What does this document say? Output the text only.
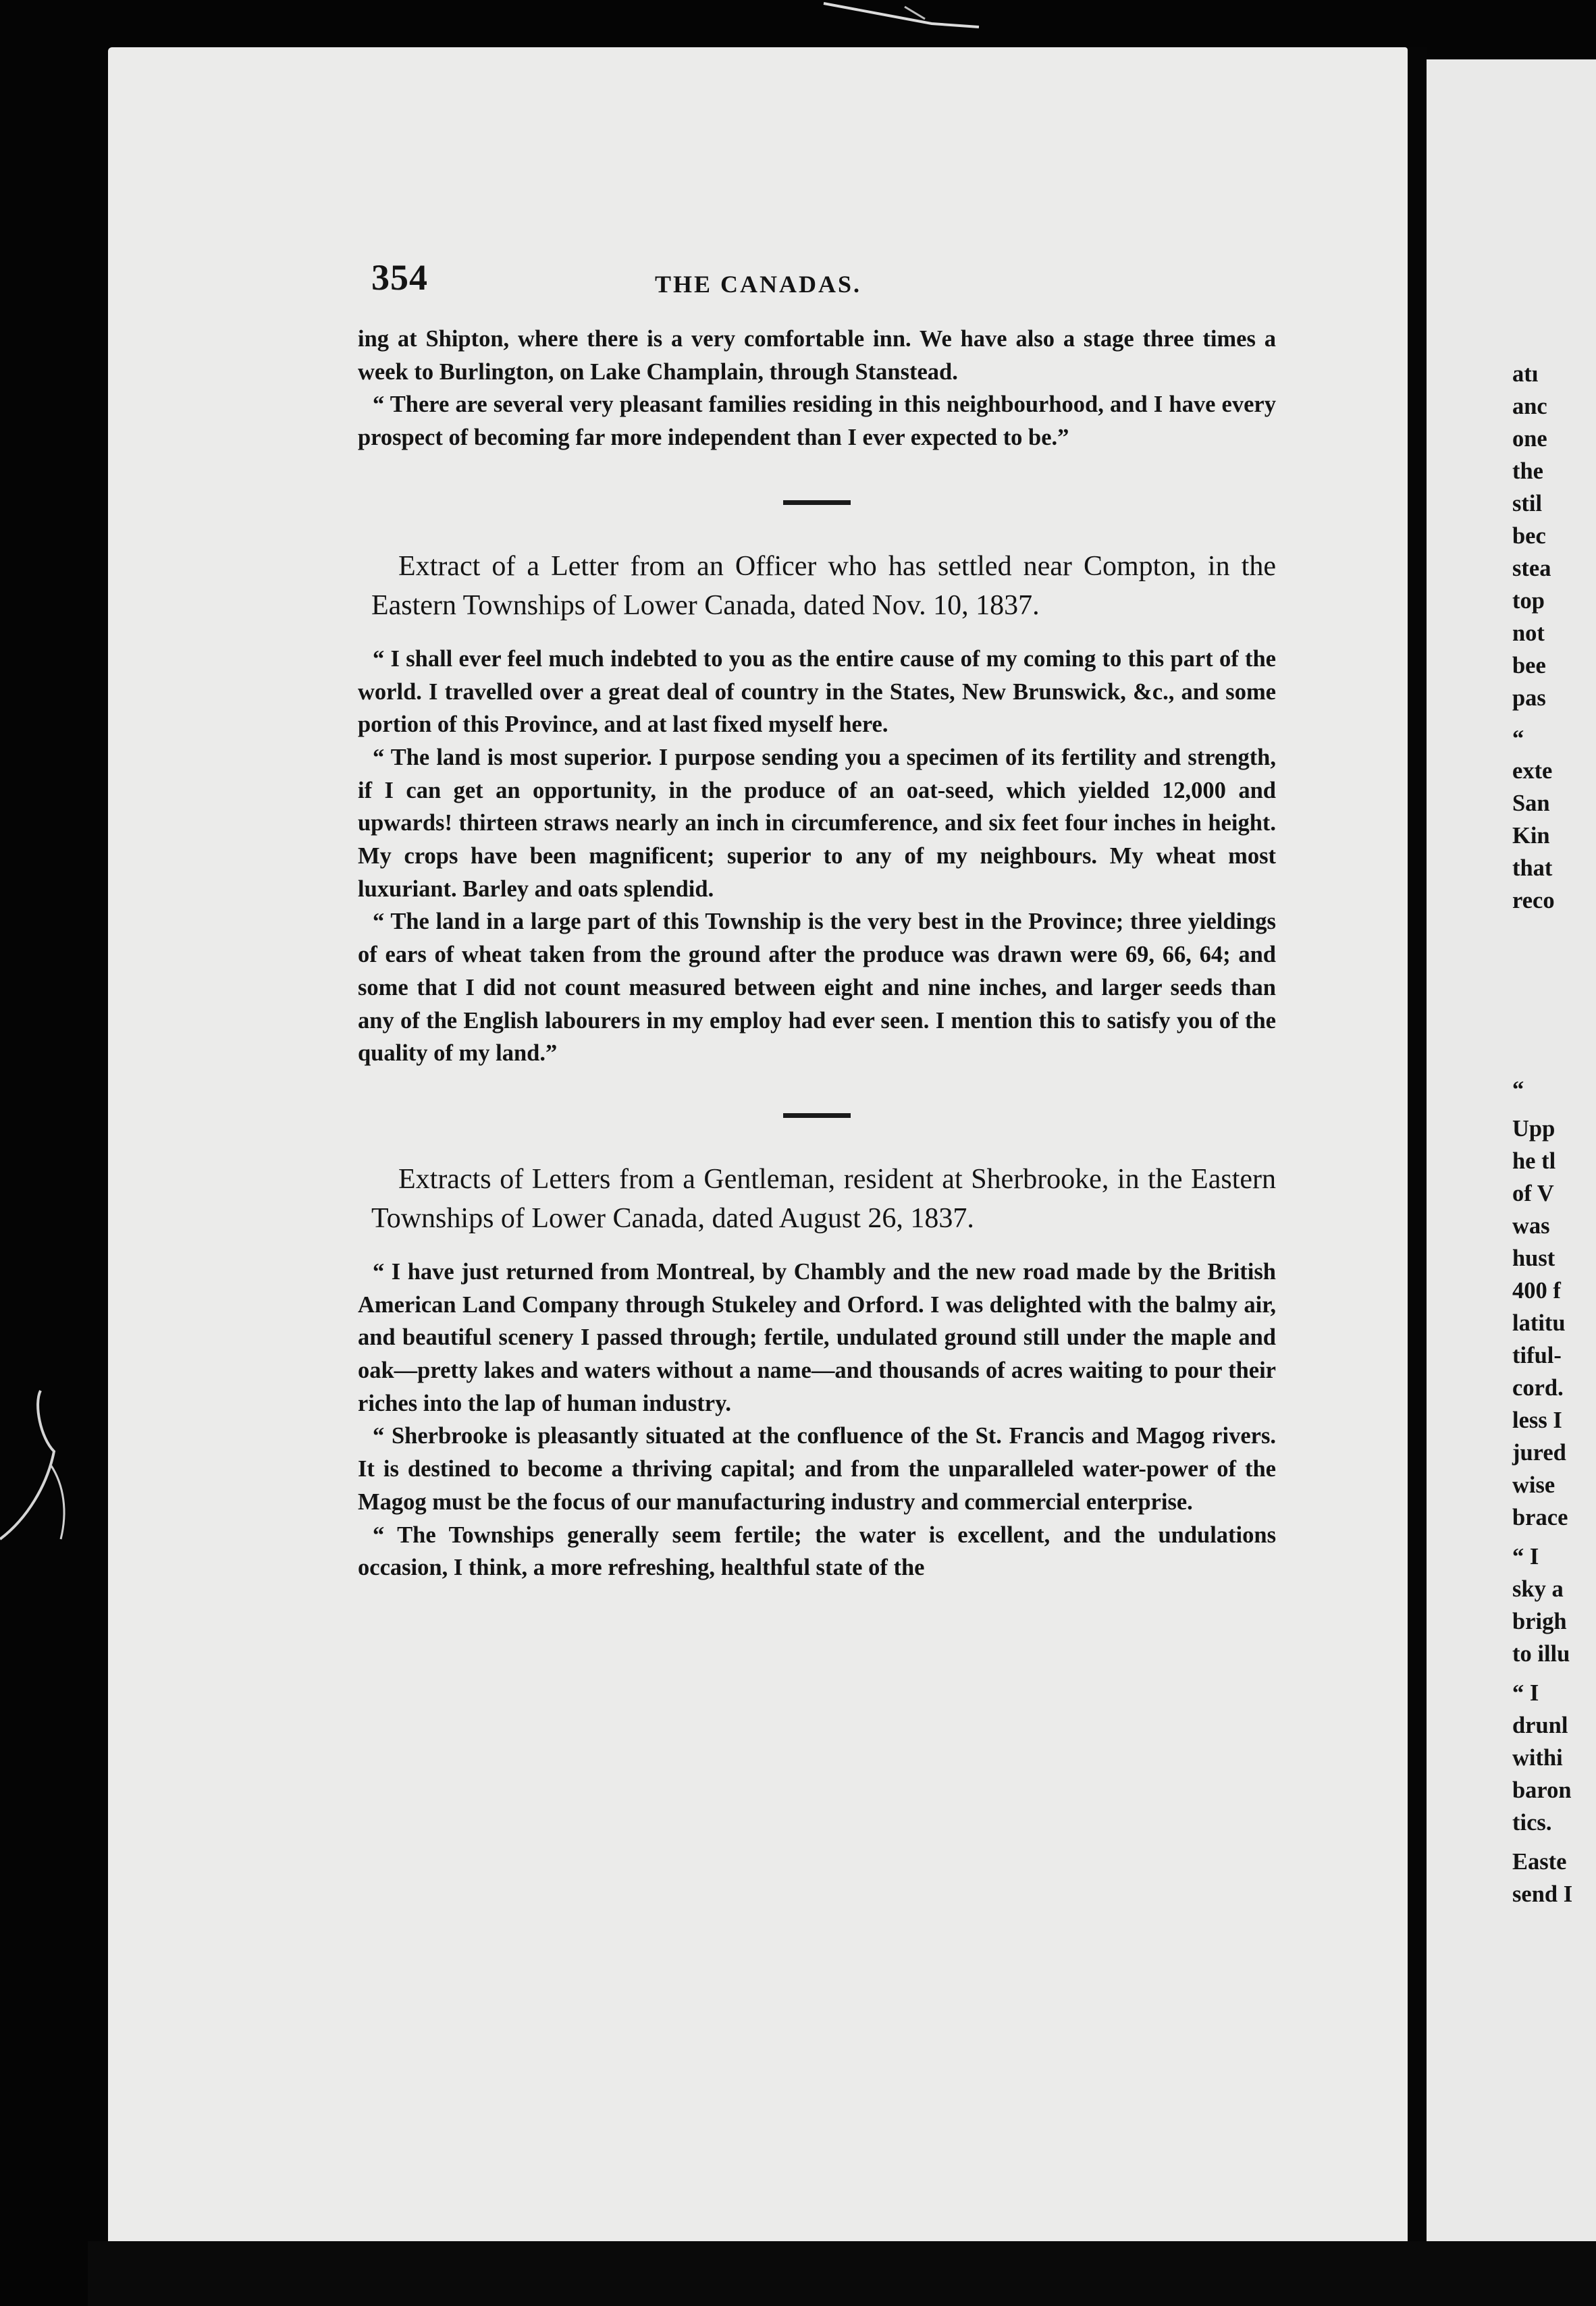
354	THE CANADAS.

ing at Shipton, where there is a very comfortable inn. We have also a stage three times a week to Burlington, on Lake Champlain, through Stanstead.

“ There are several very pleasant families residing in this neighbourhood, and I have every prospect of becoming far more independent than I ever expected to be.”

Extract of a Letter from an Officer who has settled near Compton, in the Eastern Townships of Lower Canada, dated Nov. 10, 1837.

“ I shall ever feel much indebted to you as the entire cause of my coming to this part of the world. I travelled over a great deal of country in the States, New Brunswick, &c., and some portion of this Province, and at last fixed myself here.

“ The land is most superior. I purpose sending you a specimen of its fertility and strength, if I can get an opportunity, in the produce of an oat-seed, which yielded 12,000 and upwards! thirteen straws nearly an inch in circumference, and six feet four inches in height. My crops have been magnificent; superior to any of my neighbours. My wheat most luxuriant. Barley and oats splendid.

“ The land in a large part of this Township is the very best in the Province; three yieldings of ears of wheat taken from the ground after the produce was drawn were 69, 66, 64; and some that I did not count measured between eight and nine inches, and larger seeds than any of the English labourers in my employ had ever seen. I mention this to satisfy you of the quality of my land.”

Extracts of Letters from a Gentleman, resident at Sherbrooke, in the Eastern Townships of Lower Canada, dated August 26, 1837.

“ I have just returned from Montreal, by Chambly and the new road made by the British American Land Company through Stukeley and Orford. I was delighted with the balmy air, and beautiful scenery I passed through; fertile, undulated ground still under the maple and oak—pretty lakes and waters without a name—and thousands of acres waiting to pour their riches into the lap of human industry.

“ Sherbrooke is pleasantly situated at the confluence of the St. Francis and Magog rivers. It is destined to become a thriving capital; and from the unparalleled water-power of the Magog must be the focus of our manufacturing industry and commercial enterprise.

“ The Townships generally seem fertile; the water is excellent, and the undulations occasion, I think, a more refreshing, healthful state of the

atı
anc
one
the
stil
bec
stea
top
not
bee
pas
“
exte
San
Kin
that
reco
“
Upp
he tl
of V
was
hust
400 f
latitu
tiful-
cord.
less I
jured
wise
brace
“ I
sky a
brigh
to illu
“ I
drunl
withi
baron
tics.
Easte
send I
